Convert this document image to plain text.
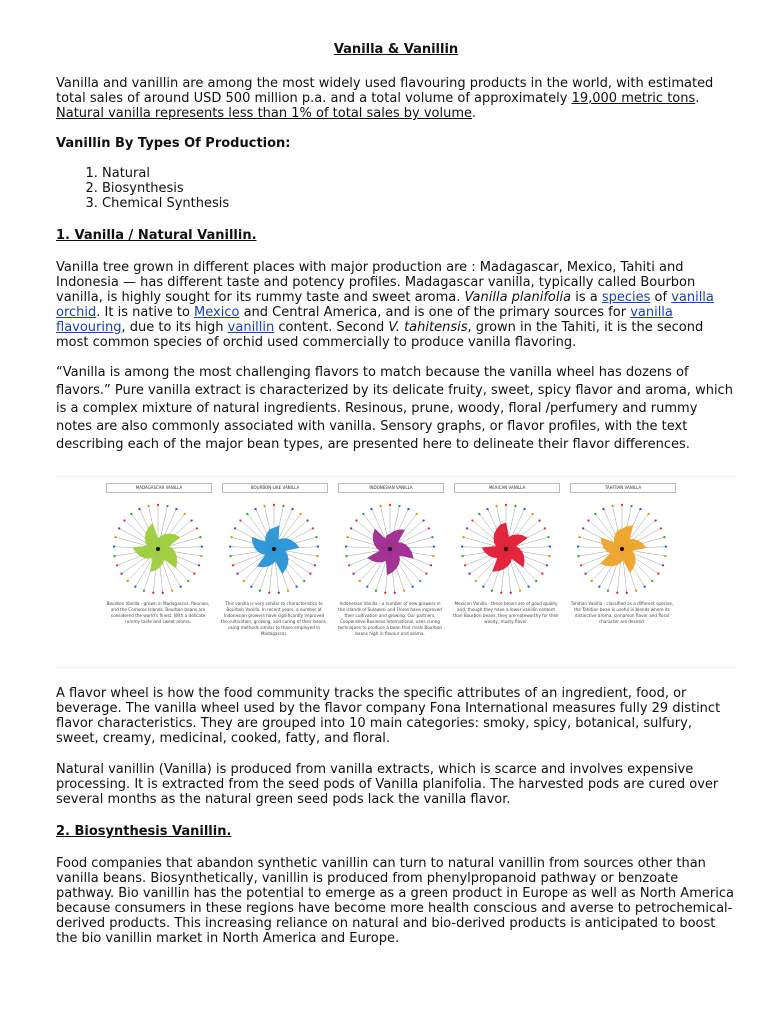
Vanilla & Vanillin

Vanilla and vanillin are among the most widely used flavouring products in the world, with estimated total sales of around USD 500 million p.a. and a total volume of approximately 19,000 metric tons. Natural vanilla represents less than 1% of total sales by volume.

Vanillin By Types Of Production:
1. Natural
2. Biosynthesis
3. Chemical Synthesis
1. Vanilla / Natural Vanillin.

Vanilla tree grown in different places with major production are : Madagascar, Mexico, Tahiti and Indonesia — has different taste and potency profiles. Madagascar vanilla, typically called Bourbon vanilla, is highly sought for its rummy taste and sweet aroma. Vanilla planifolia is a species of vanilla orchid. It is native to Mexico and Central America, and is one of the primary sources for vanilla flavouring, due to its high vanillin content. Second V. tahitensis, grown in the Tahiti, it is the second most common species of orchid used commercially to produce vanilla flavoring.

“Vanilla is among the most challenging flavors to match because the vanilla wheel has dozens of flavors.” Pure vanilla extract is characterized by its delicate fruity, sweet, spicy flavor and aroma, which is a complex mixture of natural ingredients. Resinous, prune, woody, floral /perfumery and rummy notes are also commonly associated with vanilla. Sensory graphs, or flavor profiles, with the text describing each of the major bean types, are presented here to delineate their flavor differences.

MADAGASCAR VANILLA
Bourbon Vanilla - grown in Madagascar, Reunion, and the Comoros Islands. Bourbon beans are considered the world's finest. With a delicate rummy taste and sweet aroma.
BOURBON-LIKE VANILLA
This vanilla is very similar to characteristics to Bourbon Vanilla. In recent years, a number of Indonesian growers have significantly improved the cultivation, growing, and curing of their beans, using methods similar to those employed in Madagascar.
INDONESIAN VANILLA
Indonesian Vanilla - a number of new growers in the islands of Sulawesi and Flores have improved their cultivation and growing. Our partners, Cooperative Business International, uses curing techniques to produce a bean that rivals Bourbon beans high in flavour and aroma.
MEXICAN VANILLA
Mexican Vanilla - these beans are of good quality and, though they have a lower vanillin content than Bourbon beans, they are noteworthy for their woody, musty flavor.
TAHITIAN VANILLA
Tahitian Vanilla - classified as a different species, the Tahitian bean is useful in blends where its distinctive aroma, cinnamon flavor and floral character are desired.

A flavor wheel is how the food community tracks the specific attributes of an ingredient, food, or beverage. The vanilla wheel used by the flavor company Fona International measures fully 29 distinct flavor characteristics. They are grouped into 10 main categories: smoky, spicy, botanical, sulfury, sweet, creamy, medicinal, cooked, fatty, and floral.

Natural vanillin (Vanilla) is produced from vanilla extracts, which is scarce and involves expensive processing. It is extracted from the seed pods of Vanilla planifolia. The harvested pods are cured over several months as the natural green seed pods lack the vanilla flavor.

2. Biosynthesis Vanillin.

Food companies that abandon synthetic vanillin can turn to natural vanillin from sources other than vanilla beans. Biosynthetically, vanillin is produced from phenylpropanoid pathway or benzoate pathway. Bio vanillin has the potential to emerge as a green product in Europe as well as North America because consumers in these regions have become more health conscious and averse to petrochemical-derived products. This increasing reliance on natural and bio-derived products is anticipated to boost the bio vanillin market in North America and Europe.
